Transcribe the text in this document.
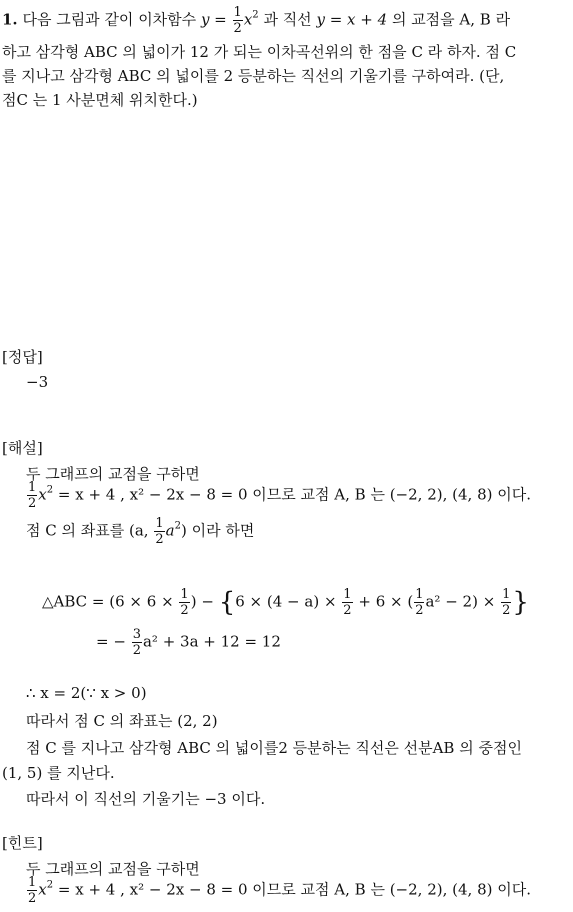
1. 다음 그림과 같이 이차함수 $y = \frac{1}{2} x^2$ 과 직선 y = x + 4 의 교점을 A, B 라
하고 삼각형 ABC 의 넓이가 12 가 되는 이차곡선위의 한 점을 C 라 하자. 점 C
를 지나고 삼각형 ABC 의 넓이를 2 등분하는 직선의 기울기를 구하여라. (단,
점C 는 1 사분면체 위치한다.)
[정답]
−3
[해설]
두 그래프의 교점을 구하면
$\frac{1}{2} x^2 = x + 4$ , x² − 2x − 8 = 0 이므로 교점 A, B 는 (−2, 2), (4, 8) 이다.
점 C 의 좌표를 (a, $\frac{1}{2} a^2$) 이라 하면
△ABC = ($6 \times 6 \times \frac{1}{2}$ ) − {$6 \times (4 - a) \times \frac{1}{2} + 6$ × ( $\frac{1}{2} a^2 - 2) \times \frac{1}{2}$ }
= − $\frac{3}{2} a^2 + 3a + 12 = 12$
∴ x = 2(∵ x > 0)
따라서 점 C 의 좌표는 (2, 2)
점 C 를 지나고 삼각형 ABC 의 넓이를2 등분하는 직선은 선분AB 의 중점인
(1, 5) 를 지난다.
따라서 이 직선의 기울기는 −3 이다.
[힌트]
두 그래프의 교점을 구하면
$\frac{1}{2} x^2 = x + 4$ , x² − 2x − 8 = 0 이므로 교점 A, B 는 (−2, 2), (4, 8) 이다.
